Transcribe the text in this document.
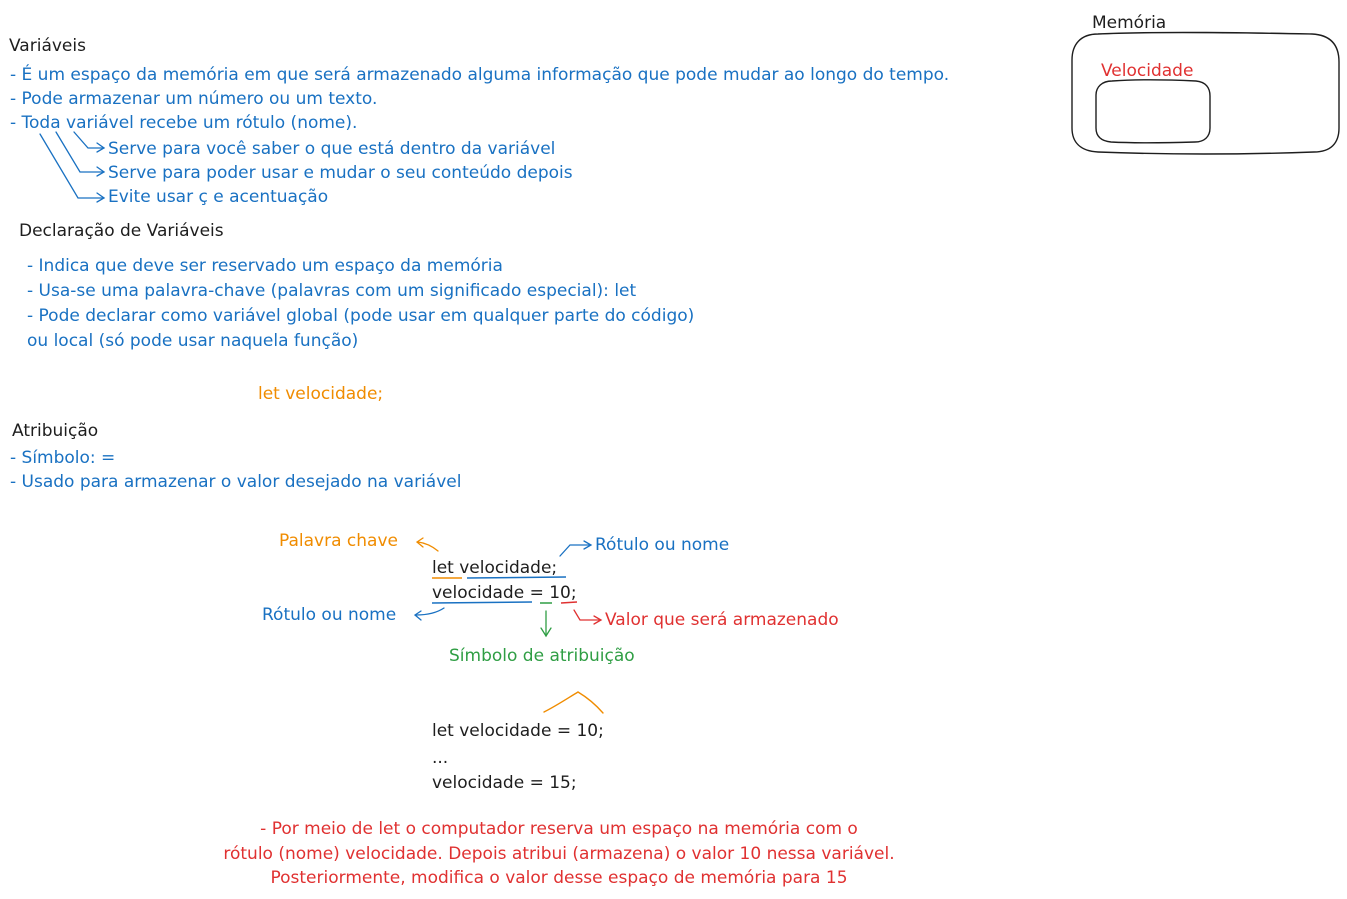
Variáveis
- É um espaço da memória em que será armazenado alguma informação que pode mudar ao longo do tempo.
- Pode armazenar um número ou um texto.
- Toda variável recebe um rótulo (nome).
Serve para você saber o que está dentro da variável
Serve para poder usar e mudar o seu conteúdo depois
Evite usar ç e acentuação
Memória
Velocidade
Declaração de Variáveis
- Indica que deve ser reservado um espaço da memória
- Usa-se uma palavra-chave (palavras com um significado especial): let
- Pode declarar como variável global (pode usar em qualquer parte do código)
ou local (só pode usar naquela função)
let velocidade;
Atribuição
- Símbolo: =
- Usado para armazenar o valor desejado na variável
Palavra chave	Rótulo ou nome
let velocidade;
velocidade = 10;
Rótulo ou nome	Valor que será armazenado
Símbolo de atribuição
let velocidade = 10;
...
velocidade = 15;
- Por meio de let o computador reserva um espaço na memória com o
rótulo (nome) velocidade. Depois atribui (armazena) o valor 10 nessa variável.
Posteriormente, modifica o valor desse espaço de memória para 15
